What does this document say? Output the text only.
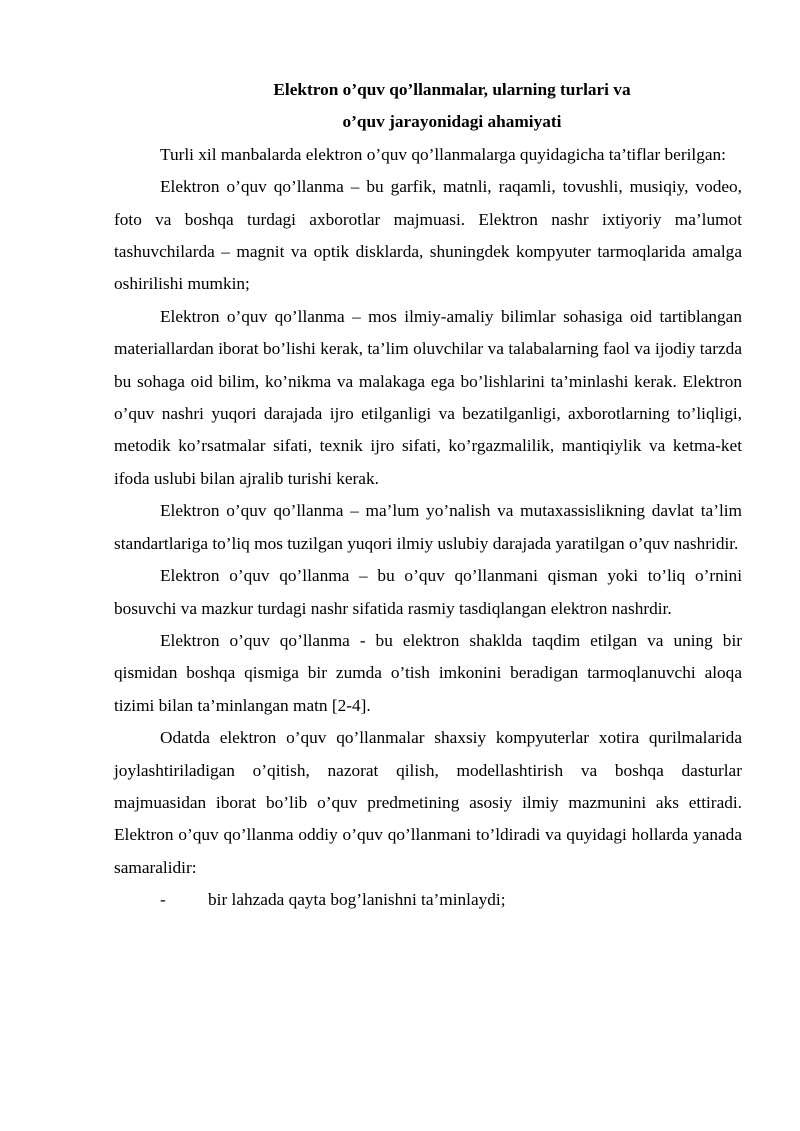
Elektron o’quv qo’llanmalar, ularning turlari va

o’quv jarayonidagi ahamiyati

Turli xil manbalarda elektron o’quv qo’llanmalarga quyidagicha ta’tiflar berilgan:

Elektron o’quv qo’llanma – bu garfik, matnli, raqamli, tovushli, musiqiy, vodeo, foto va boshqa turdagi axborotlar majmuasi. Elektron nashr ixtiyoriy ma’lumot tashuvchilarda – magnit va optik disklarda, shuningdek kompyuter tarmoqlarida amalga oshirilishi mumkin;

Elektron o’quv qo’llanma – mos ilmiy-amaliy bilimlar sohasiga oid tartiblangan materiallardan iborat bo’lishi kerak, ta’lim oluvchilar va talabalarning faol va ijodiy tarzda bu sohaga oid bilim, ko’nikma va malakaga ega bo’lishlarini ta’minlashi kerak. Elektron o’quv nashri yuqori darajada ijro etilganligi va bezatilganligi, axborotlarning to’liqligi, metodik ko’rsatmalar sifati, texnik ijro sifati, ko’rgazmalilik, mantiqiylik va ketma-ket ifoda uslubi bilan ajralib turishi kerak.

Elektron o’quv qo’llanma – ma’lum yo’nalish va mutaxassislikning davlat ta’lim standartlariga to’liq mos tuzilgan yuqori ilmiy uslubiy darajada yaratilgan o’quv nashridir.

Elektron o’quv qo’llanma – bu o’quv qo’llanmani qisman yoki to’liq o’rnini bosuvchi va mazkur turdagi nashr sifatida rasmiy tasdiqlangan elektron nashrdir.

Elektron o’quv qo’llanma - bu elektron shaklda taqdim etilgan va uning bir qismidan boshqa qismiga bir zumda o’tish imkonini beradigan tarmoqlanuvchi aloqa tizimi bilan ta’minlangan matn [2-4].

Odatda elektron o’quv qo’llanmalar shaxsiy kompyuterlar xotira qurilmalarida joylashtiriladigan o’qitish, nazorat qilish, modellashtirish va boshqa dasturlar majmuasidan iborat bo’lib o’quv predmetining asosiy ilmiy mazmunini aks ettiradi. Elektron o’quv qo’llanma oddiy o’quv qo’llanmani to’ldiradi va quyidagi hollarda yanada samaralidir:

- bir lahzada qayta bog’lanishni ta’minlaydi;
